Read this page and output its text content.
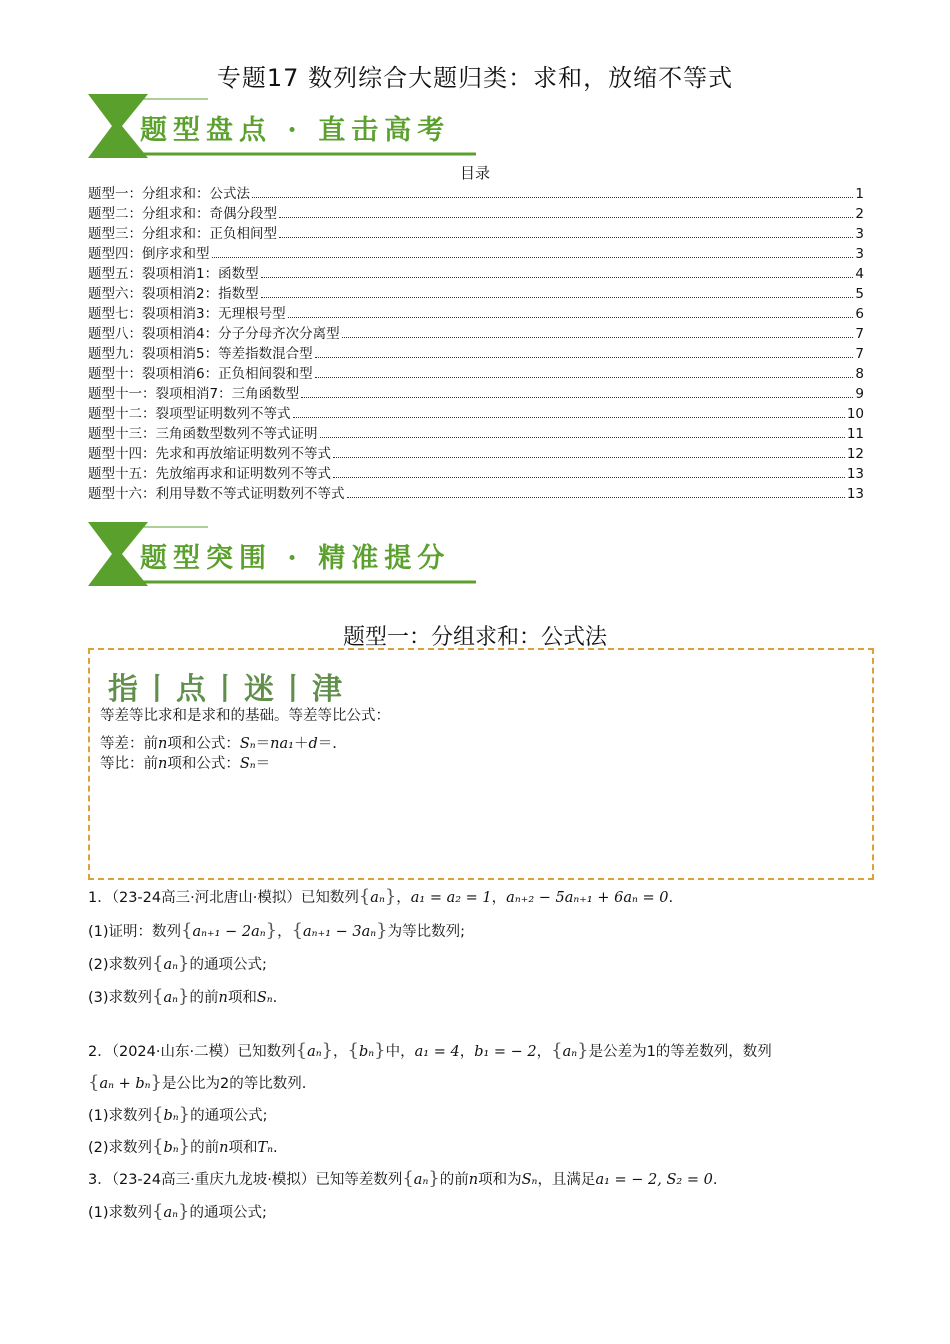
专题17 数列综合大题归类：求和，放缩不等式
题型盘点 · 直击高考
目录
题型一：分组求和：公式法	1
题型二：分组求和：奇偶分段型	2
题型三：分组求和：正负相间型	3
题型四：倒序求和型	3
题型五：裂项相消1：函数型	4
题型六：裂项相消2：指数型	5
题型七：裂项相消3：无理根号型	6
题型八：裂项相消4：分子分母齐次分离型	7
题型九：裂项相消5：等差指数混合型	7
题型十：裂项相消6：正负相间裂和型	8
题型十一：裂项相消7：三角函数型	9
题型十二：裂项型证明数列不等式	10
题型十三：三角函数型数列不等式证明	11
题型十四：先求和再放缩证明数列不等式	12
题型十五：先放缩再求和证明数列不等式	13
题型十六：利用导数不等式证明数列不等式	13
题型突围 · 精准提分
题型一：分组求和：公式法
指丨点丨迷丨津
等差等比求和是求和的基础。等差等比公式：
等差：前n项和公式：Sₙ＝na₁＋d＝.
等比：前n项和公式：Sₙ＝
1．（23-24高三·河北唐山·模拟）已知数列{aₙ}，a₁ = a₂ = 1，aₙ₊₂ − 5aₙ₊₁ + 6aₙ = 0.
(1)证明：数列{aₙ₊₁ − 2aₙ}，{aₙ₊₁ − 3aₙ}为等比数列;
(2)求数列{aₙ}的通项公式;
(3)求数列{aₙ}的前n项和Sₙ.
2．（2024·山东·二模）已知数列{aₙ}，{bₙ}中，a₁ = 4，b₁ = − 2，{aₙ}是公差为1的等差数列，数列
{aₙ + bₙ}是公比为2的等比数列.
(1)求数列{bₙ}的通项公式;
(2)求数列{bₙ}的前n项和Tₙ.
3．（23-24高三·重庆九龙坡·模拟）已知等差数列{aₙ}的前n项和为Sₙ，且满足a₁ = − 2, S₂ = 0.
(1)求数列{aₙ}的通项公式;
